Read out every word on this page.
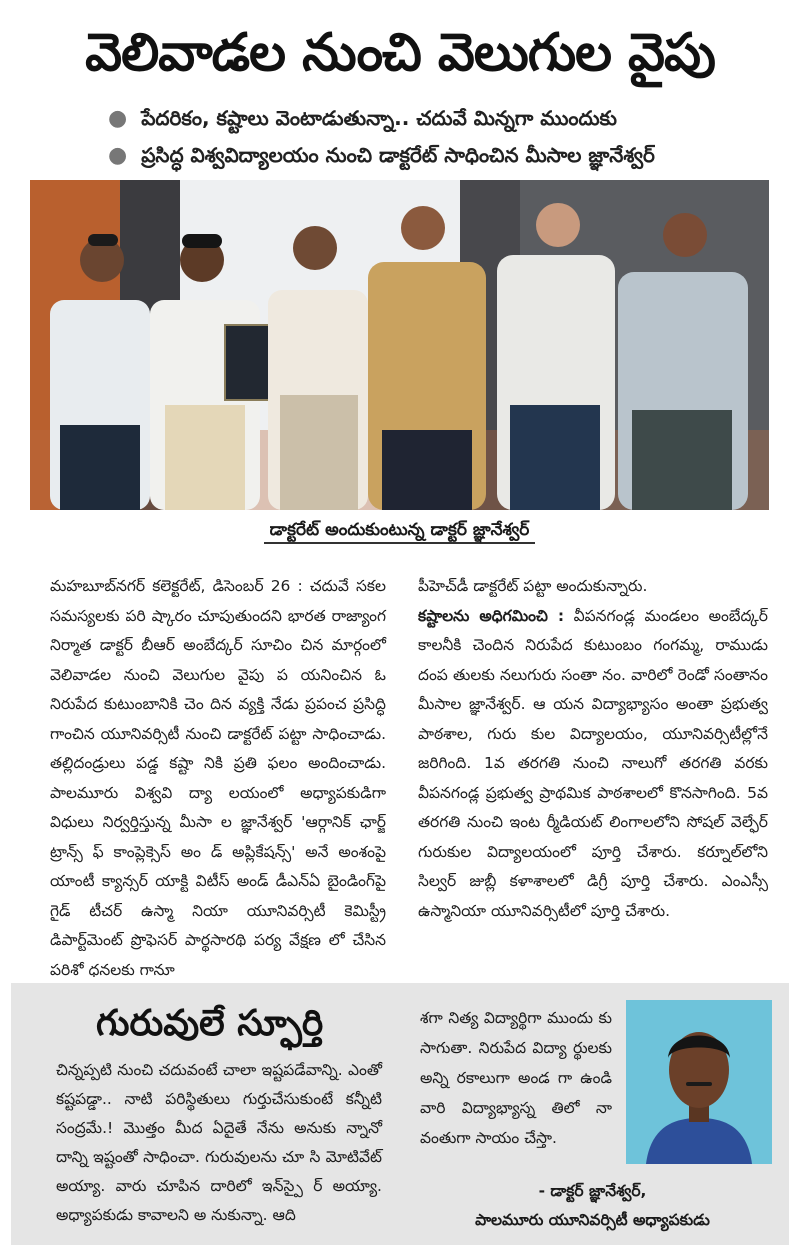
వెలివాడల నుంచి వెలుగుల వైపు
● పేదరికం, కష్టాలు వెంటాడుతున్నా.. చదువే మిన్నగా ముందుకు
● ప్రసిద్ధ విశ్వవిద్యాలయం నుంచి డాక్టరేట్ సాధించిన మీసాల జ్ఞానేశ్వర్
డాక్టరేట్ అందుకుంటున్న డాక్టర్ జ్ఞానేశ్వర్

మహబూబ్‌నగర్ కలెక్టరేట్, డిసెంబర్ 26 : చదువే సకల సమస్యలకు పరి ష్కారం చూపుతుందని భారత రాజ్యాంగ నిర్మాత డాక్టర్ బీఆర్ అంబేద్కర్ సూచిం చిన మార్గంలో వెలివాడల నుంచి వెలుగుల వైపు ప యనించిన ఓ నిరుపేద కుటుంబానికి చెం దిన వ్యక్తి నేడు ప్రపంచ ప్రసిద్ధి గాంచిన యూనివర్సిటీ నుంచి డాక్టరేట్ పట్టా సాధించాడు. తల్లిదండ్రులు పడ్డ కష్టా నికి ప్రతి ఫలం అందించాడు. పాలమూరు విశ్వవి ద్యా లయంలో అధ్యాపకుడిగా విధులు నిర్వర్తిస్తున్న మీసా ల జ్ఞానేశ్వర్ 'ఆర్గానిక్ ఛార్జ్ ట్రాన్స్ ఫ్ కాంప్లెక్సెస్ అం డ్ అప్లికేషన్స్' అనే అంశంపై యాంటీ క్యాన్సర్ యాక్టి విటీస్ అండ్ డీఎన్ఏ బైండింగ్‌పై గైడ్ టీచర్ ఉస్మా నియా యూనివర్సిటీ కెమిస్ట్రీ డిపార్ట్‌మెంట్ ప్రొఫెసర్ పార్థసారథి పర్య వేక్షణ లో చేసిన పరిశో ధనలకు గానూ

పీహెచ్‌డీ డాక్టరేట్ పట్టా అందుకున్నారు.

కష్టాలను అధిగమించి : వీపనగండ్ల మండలం అంబేద్కర్ కాలనీకి చెందిన నిరుపేద కుటుంబం గంగమ్మ, రాముడు దంప తులకు నలుగురు సంతా నం. వారిలో రెండో సంతానం మీసాల జ్ఞానేశ్వర్. ఆ యన విద్యాభ్యాసం అంతా ప్రభుత్వ పాఠశాల, గురు కుల విద్యాలయం, యూనివర్సిటీల్లోనే జరిగింది. 1వ తరగతి నుంచి నాలుగో తరగతి వరకు వీపనగండ్ల ప్రభుత్వ ప్రాథమిక పాఠశాలలో కొనసాగింది. 5వ తరగతి నుంచి ఇంట ర్మీడియట్ లింగాలలోని సోషల్ వెల్ఫేర్ గురుకుల విద్యాలయంలో పూర్తి చేశారు. కర్నూల్‌లోని సిల్వర్ జుబ్లీ కళాశాలలో డిగ్రీ పూర్తి చేశారు. ఎంఎస్సీ ఉస్మానియా యూనివర్సిటీలో పూర్తి చేశారు.

గురువులే స్ఫూర్తి
చిన్నప్పటి నుంచి చదువంటే చాలా ఇష్టపడేవాన్ని. ఎంతో కష్టపడ్డా.. నాటి పరిస్థితులు గుర్తుచేసుకుంటే కన్నీటి సంద్రమే.! మొత్తం మీద ఏదైతే నేను అనుకు న్నానో దాన్ని ఇష్టంతో సాధించా. గురువులను చూ సి మోటివేట్ అయ్యా. వారు చూపిన దారిలో ఇన్‌స్పై ర్ అయ్యా. అధ్యాపకుడు కావాలని అ నుకున్నా. ఆది
శగా నిత్య విద్యార్థిగా ముందు కు సాగుతా. నిరుపేద విద్యా ర్థులకు అన్ని రకాలుగా అండ గా ఉండి వారి విద్యాభ్యాస్న తిలో నా వంతుగా సాయం చేస్తా.
- డాక్టర్ జ్ఞానేశ్వర్,
పాలమూరు యూనివర్సిటీ అధ్యాపకుడు
